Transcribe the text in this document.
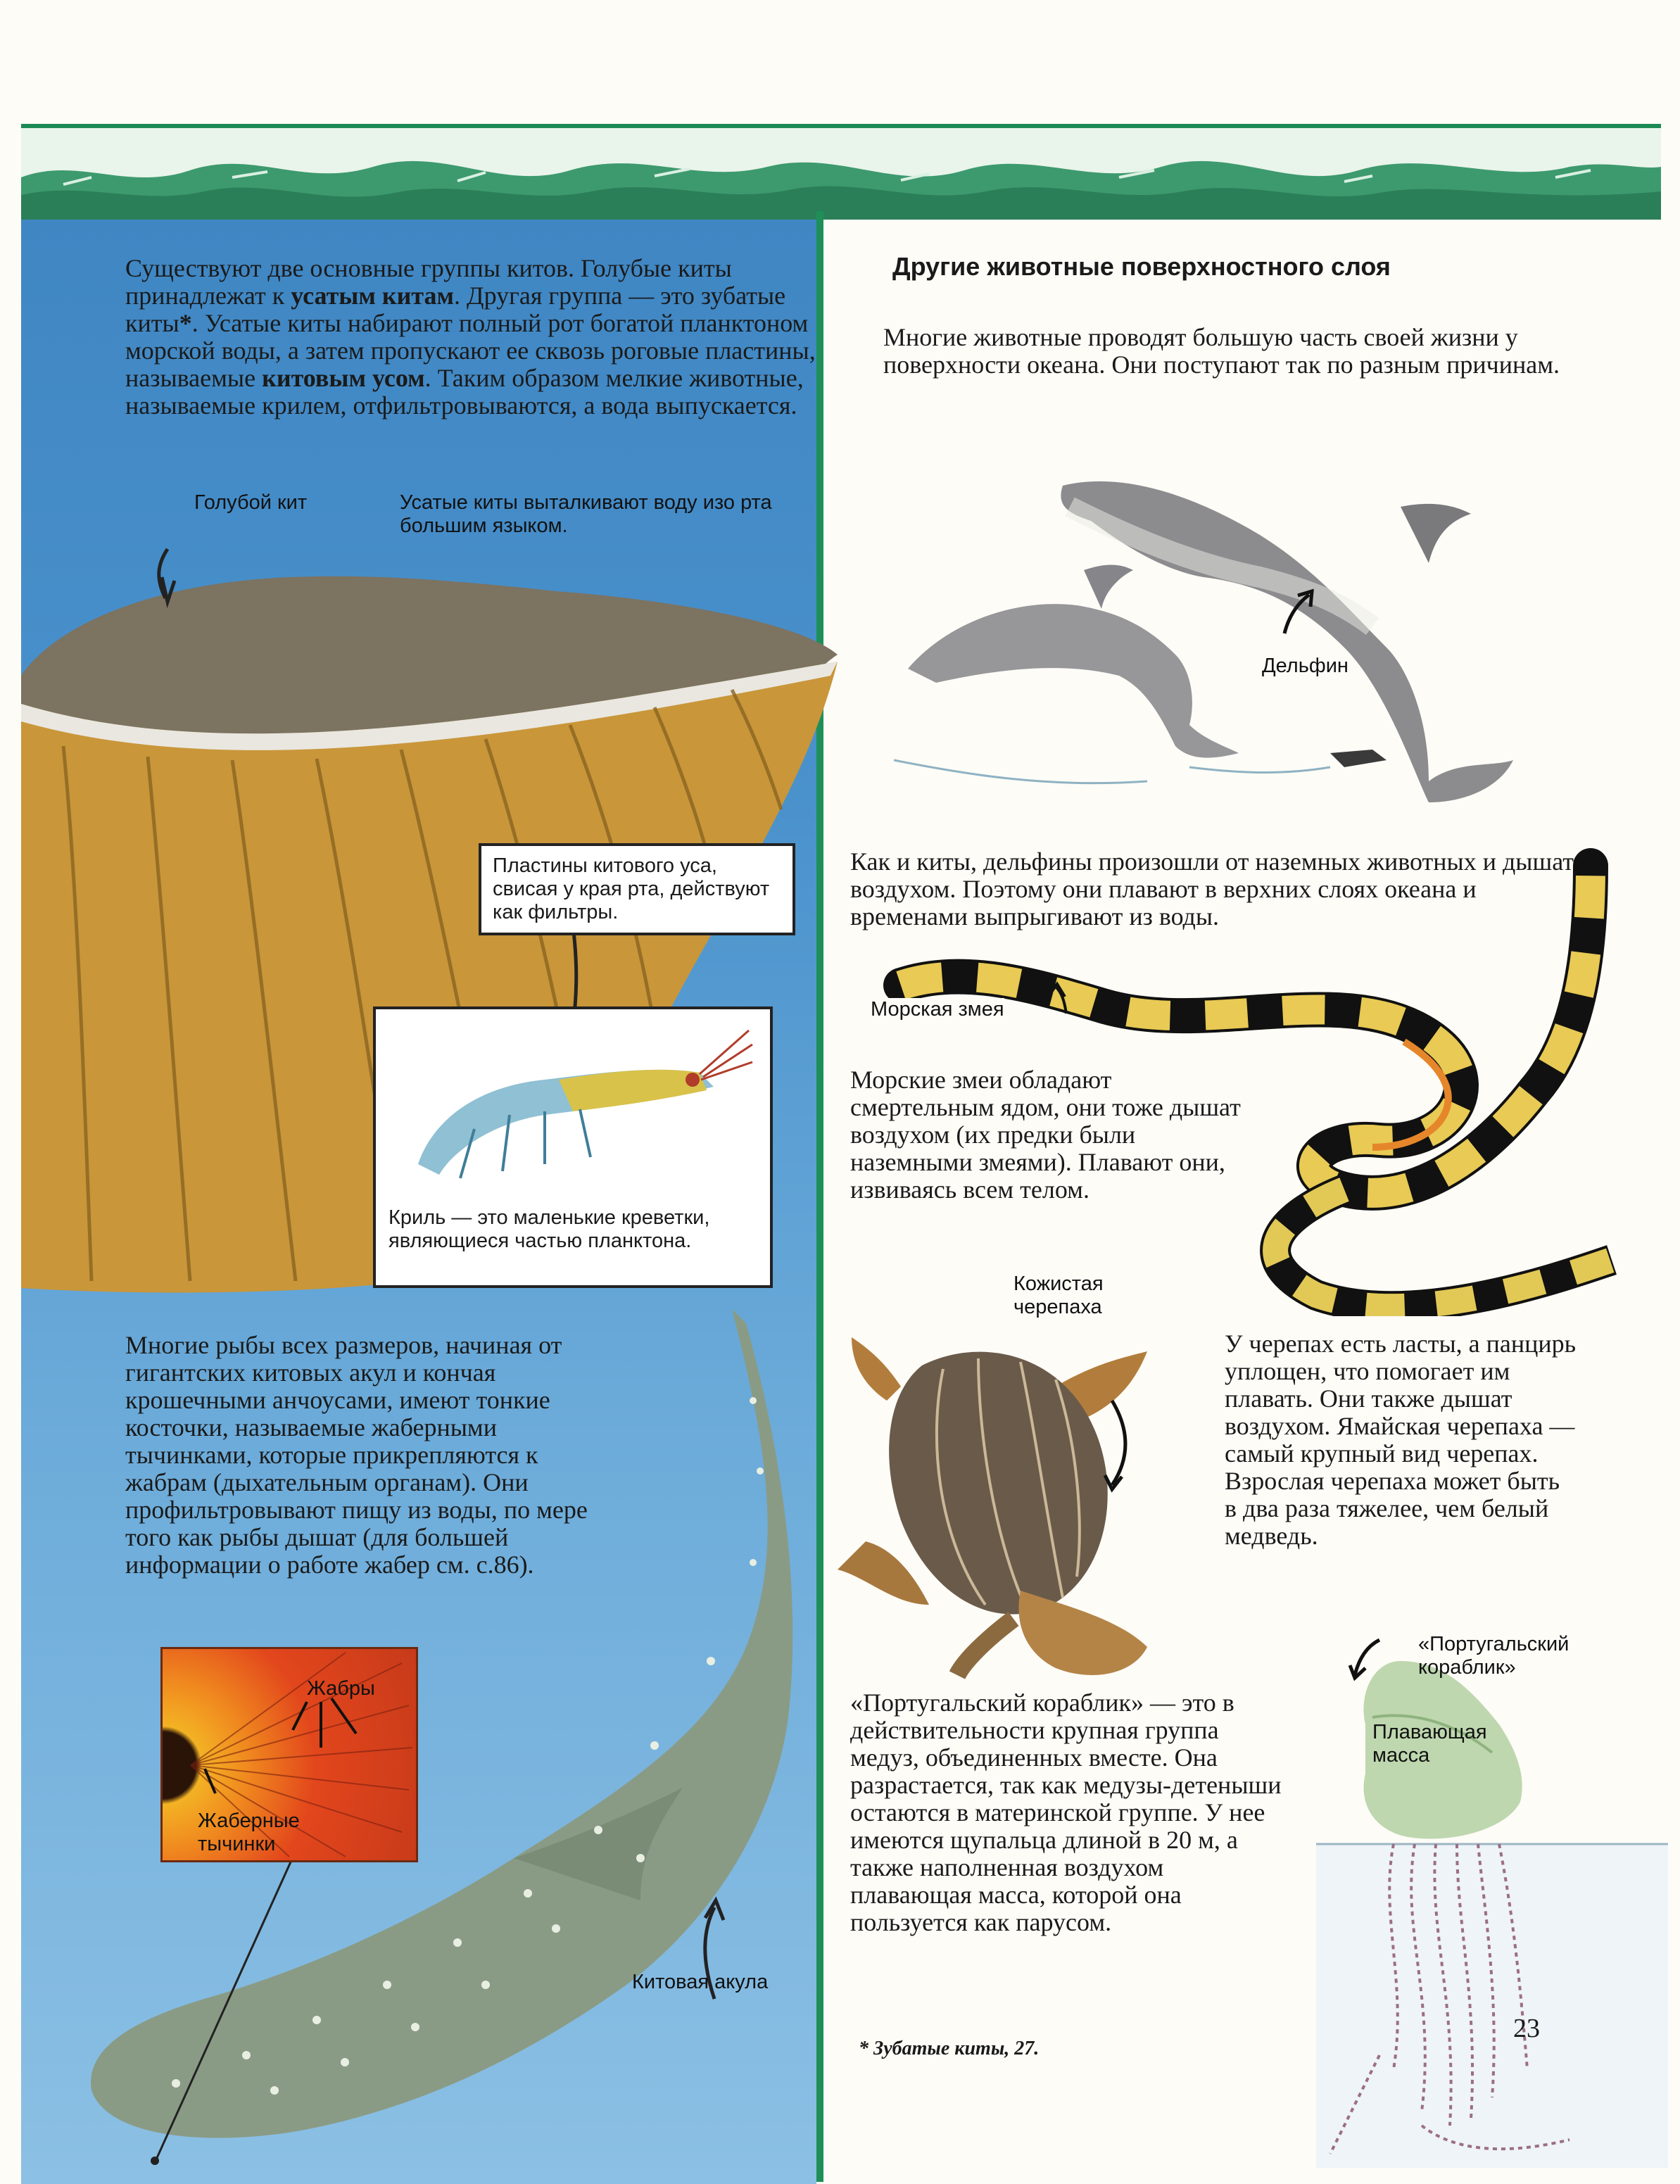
Существуют две основные группы китов. Голубые киты принадлежат к усатым китам. Другая группа — это зубатые киты*. Усатые киты набирают полный рот богатой планктоном морской воды, а затем пропускают ее сквозь роговые пластины, называемые китовым усом. Таким образом мелкие животные, называемые крилем, отфильтровываются, а вода выпускается.
Голубой кит	Усатые киты выталкивают воду изо рта большим языком.
Пластины китового уса, свисая у края рта, действуют как фильтры.
Криль — это маленькие креветки, являющиеся частью планктона.
Многие рыбы всех размеров, начиная от гигантских китовых акул и кончая крошечными анчоусами, имеют тонкие косточки, называемые жаберными тычинками, которые прикрепляются к жабрам (дыхательным органам). Они профильтровывают пищу из воды, по мере того как рыбы дышат (для большей информации о работе жабер см. с.86).
Жабры
Жаберные тычинки
Китовая акула
Другие животные поверхностного слоя
Многие животные проводят большую часть своей жизни у поверхности океана. Они поступают так по разным причинам.
Дельфин
Как и киты, дельфины произошли от наземных животных и дышат воздухом. Поэтому они плавают в верхних слоях океана и временами выпрыгивают из воды.
Морская змея
Морские змеи обладают смертельным ядом, они тоже дышат воздухом (их предки были наземными змеями). Плавают они, извиваясь всем телом.
Кожистая черепаха
У черепах есть ласты, а панцирь уплощен, что помогает им плавать. Они также дышат воздухом. Ямайская черепаха — самый крупный вид черепах. Взрослая черепаха может быть в два раза тяжелее, чем белый медведь.
«Португальский кораблик»
Плавающая масса
«Португальский кораблик» — это в действительности крупная группа медуз, объединенных вместе. Она разрастается, так как медузы-детеныши остаются в материнской группе. У нее имеются щупальца длиной в 20 м, а также наполненная воздухом плавающая масса, которой она пользуется как парусом.
* Зубатые киты, 27.
23
